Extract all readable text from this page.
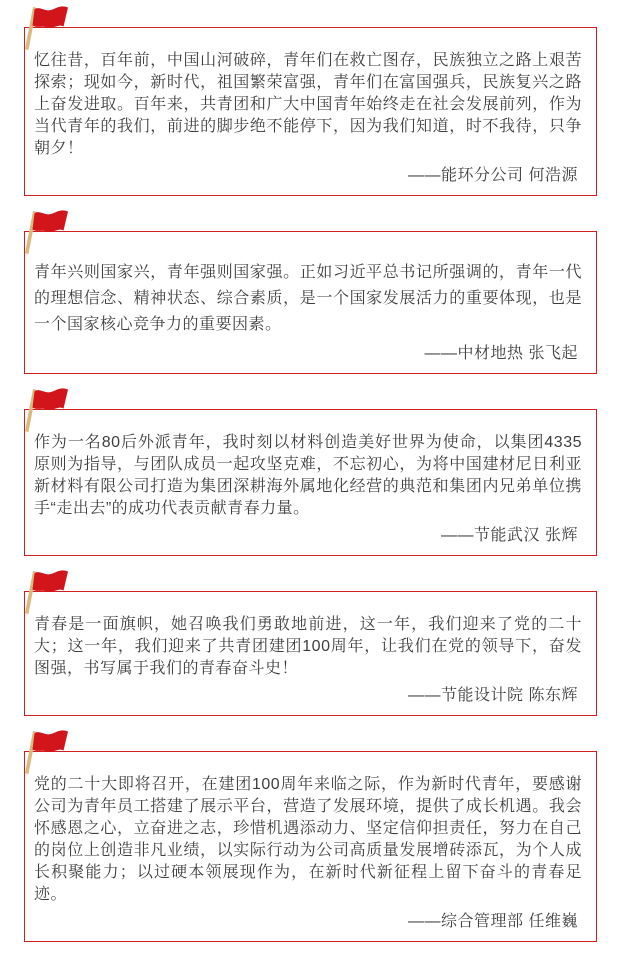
忆往昔，百年前，中国山河破碎，青年们在救亡图存，民族独立之路上艰苦探索；现如今，新时代，祖国繁荣富强，青年们在富国强兵，民族复兴之路上奋发进取。百年来，共青团和广大中国青年始终走在社会发展前列，作为当代青年的我们，前进的脚步绝不能停下，因为我们知道，时不我待，只争朝夕！

——能环分公司 何浩源

青年兴则国家兴，青年强则国家强。正如习近平总书记所强调的，青年一代的理想信念、精神状态、综合素质，是一个国家发展活力的重要体现，也是一个国家核心竞争力的重要因素。

——中材地热 张飞起

作为一名80后外派青年，我时刻以材料创造美好世界为使命，以集团4335原则为指导，与团队成员一起攻坚克难，不忘初心，为将中国建材尼日利亚新材料有限公司打造为集团深耕海外属地化经营的典范和集团内兄弟单位携手“走出去”的成功代表贡献青春力量。

——节能武汉 张辉

青春是一面旗帜，她召唤我们勇敢地前进，这一年，我们迎来了党的二十大；这一年，我们迎来了共青团建团100周年，让我们在党的领导下，奋发图强，书写属于我们的青春奋斗史！

——节能设计院 陈东辉

党的二十大即将召开，在建团100周年来临之际，作为新时代青年，要感谢公司为青年员工搭建了展示平台，营造了发展环境，提供了成长机遇。我会怀感恩之心，立奋进之志，珍惜机遇添动力、坚定信仰担责任，努力在自己的岗位上创造非凡业绩，以实际行动为公司高质量发展增砖添瓦，为个人成长积聚能力；以过硬本领展现作为，在新时代新征程上留下奋斗的青春足迹。

——综合管理部 任维巍
